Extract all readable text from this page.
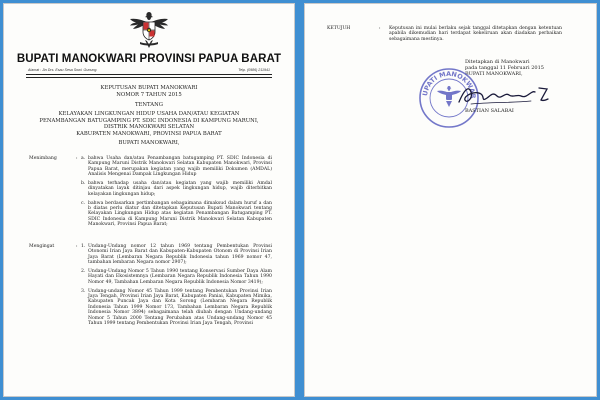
BUPATI MANOKWARI PROVINSI PAPUA BARAT
Alamat : Jln Drs. Esau Sesa Sowi. Gunung.	Telp. (0986) 211941
KEPUTUSAN BUPATI MANOKWARI
NOMOR 7 TAHUN 2015
TENTANG
KELAYAKAN LINGKUNGAN HIDUP USAHA DAN/ATAU KEGIATAN
PENAMBANGAN BATUGAMPING PT. SDIC INDONESIA DI KAMPUNG MARUNI,
DISTRIK MANOKWARI SELATAN
KABUPATEN MANOKWARI, PROVINSI PAPUA BARAT
BUPATI MANOKWARI,
Menimbang	: a. bahwa Usaha dan/atau Penambangan batugamping PT. SDIC Indonesia di Kampung Maruni Distrik Manokwari Selatan Kabupaten Manokwari, Provinsi Papua Barat, merupakan kegiatan yang wajib memiliki Dokumen (AMDAL) Analisis Mengenai Dampak Lingkungan Hidup
b. bahwa terhadap usaha dan/atau kegiatan yang wajib memiliki Amdal dinyatakan layak ditinjau dari aspek lingkungan hidup, wajib diterbitkan kelayakan lingkungan hidup;
c. bahwa berdasarkan pertimbangan sebagaimana dimaksud dalam huruf a dan b diatas perlu diatur dan ditetapkan Keputusan Bupati Manokwari tentang Kelayakan Lingkungan Hidup atas kegiatan Penambangan Batugamping PT. SDIC Indonesia di Kampung Maruni Distrik Manokwari Selatan Kabupaten Manokwari, Provinsi Papua Barat;
Mengingat	: 1. Undang-Undang nomor 12 tahun 1969 tentang Pembentukan Provinsi Otonomi Irian Jaya Barat dan Kabupaten-Kabupaten Otonom di Provinsi Irian Jaya Barat (Lembaran Negara Republik Indonesia tahun 1969 nomor 47, tambahan lembaran Negara nomor 2907);
2. Undang-Undang Nomor 5 Tahun 1990 tentang Konservasi Sumber Daya Alam Hayati dan Ekosistemnya (Lembaran Negara Republik Indonesia Tahun 1990 Nomor 49, Tambahan Lembaran Negara Republik Indonesia Nomor 3419);
3. Undang-undang Nomor 45 Tahun 1999 tentang Pembentukan Provinsi Irian Jaya Tengah, Provinsi Irian Jaya Barat, Kabupaten Paniai, Kabupaten Mimika, Kabupaten Puncak Jaya dan Kota Sorong (Lembaran Negara Republik Indonesia Tahun 1999 Nomor 173, Tambahan Lembaran Negara Republik Indonesia Nomor 3894) sebagaimana telah diubah dengan Undang-undang Nomor 5 Tahun 2000 Tentang Perubahan atas Undang-undang Nomor 45 Tahun 1999 tentang Pembentukan Provinsi Irian Jaya Tengah, Provinsi
KETUJUH	: Keputusan ini mulai berlaku sejak tanggal ditetapkan dengan ketentuan apabila dikemudian hari terdapat kekeliruan akan diadakan perbaikan sebagaimana mestinya.
Ditetapkan di Manokwari
pada tanggal 11 Februari 2015
BUPATI MANOKWARI,
UPATI MANOKWAR
BASTIAN SALABAI
